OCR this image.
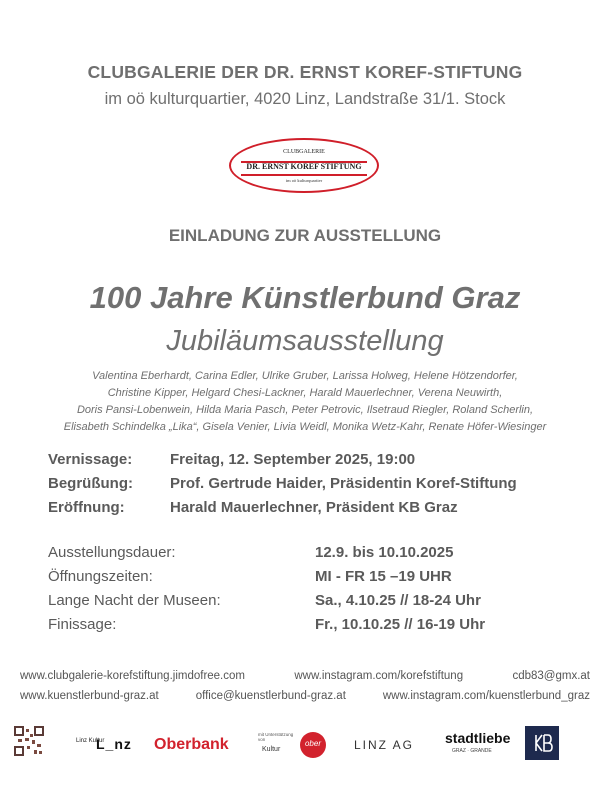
CLUBGALERIE DER DR. ERNST KOREF-STIFTUNG
im oö kulturquartier, 4020 Linz, Landstraße 31/1. Stock
CLUBGALERIE
DR. ERNST KOREF STIFTUNG
im oö kulturquartier
EINLADUNG ZUR AUSSTELLUNG
100 Jahre Künstlerbund Graz
Jubiläumsausstellung
Valentina Eberhardt, Carina Edler, Ulrike Gruber, Larissa Holweg, Helene Hötzendorfer,
Christine Kipper, Helgard Chesi-Lackner, Harald Mauerlechner, Verena Neuwirth,
Doris Pansi-Lobenwein, Hilda Maria Pasch, Peter Petrovic, Ilsetraud Riegler, Roland Scherlin,
Elisabeth Schindelka „Lika“, Gisela Venier, Livia Weidl, Monika Wetz-Kahr, Renate Höfer-Wiesinger
Vernissage:	Freitag, 12. September 2025, 19:00
Begrüßung:	Prof. Gertrude Haider, Präsidentin Koref-Stiftung
Eröffnung:	Harald Mauerlechner, Präsident KB Graz
Ausstellungsdauer:	12.9. bis 10.10.2025
Öffnungszeiten:	MI - FR 15 –19 UHR
Lange Nacht der Museen:	Sa., 4.10.25 // 18-24 Uhr
Finissage:	Fr., 10.10.25 // 16-19 Uhr
www.clubgalerie-korefstiftung.jimdofree.com	www.instagram.com/korefstiftung	cdb83@gmx.at
www.kuenstlerbund-graz.at	office@kuenstlerbund-graz.at	www.instagram.com/kuenstlerbund_graz
Linz Kultur
L_nz Oberbank
mit Unterstützung von
Kultur
ober	LINZ AG stadtliebe
GRAZ · GRANDE
